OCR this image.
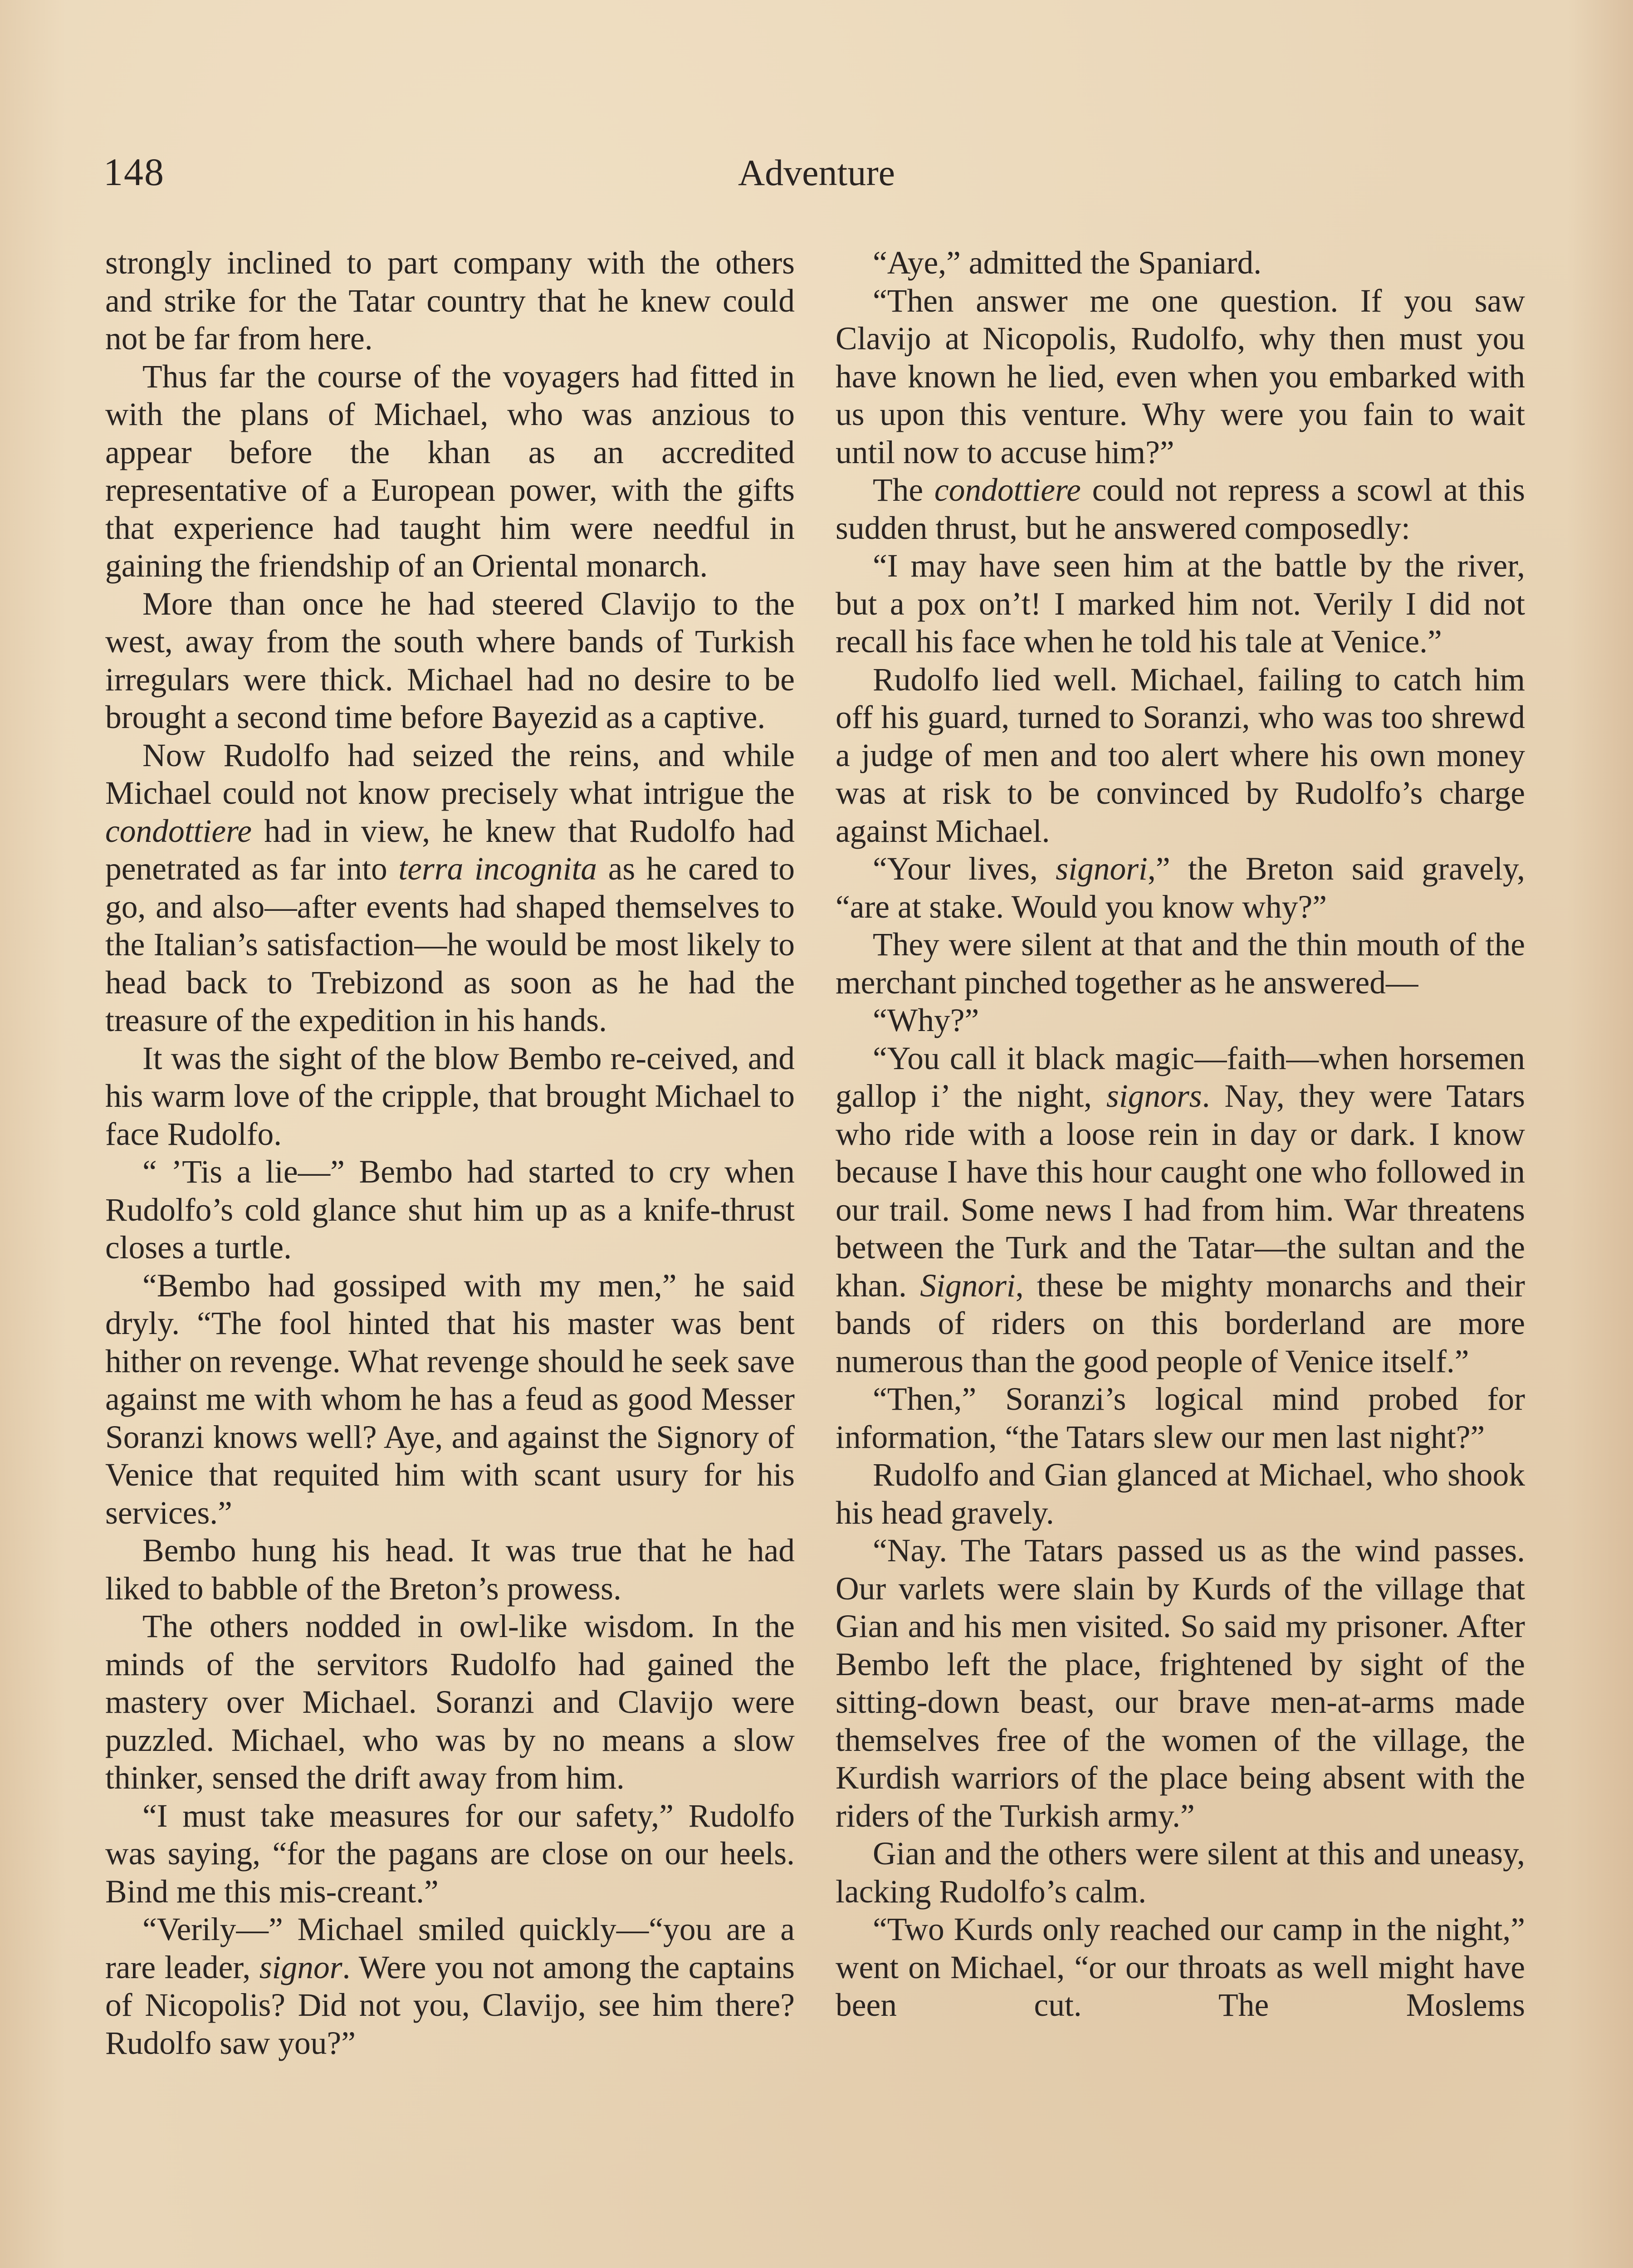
148	Adventure

strongly inclined to part company with the others and strike for the Tatar country that he knew could not be far from here.

Thus far the course of the voyagers had fitted in with the plans of Michael, who was anzious to appear before the khan as an accredited representative of a European power, with the gifts that experience had taught him were needful in gaining the friendship of an Oriental monarch.

More than once he had steered Clavijo to the west, away from the south where bands of Turkish irregulars were thick. Michael had no desire to be brought a second time before Bayezid as a captive.

Now Rudolfo had seized the reins, and while Michael could not know precisely what intrigue the condottiere had in view, he knew that Rudolfo had penetrated as far into terra incognita as he cared to go, and also—after events had shaped themselves to the Italian’s satisfaction—he would be most likely to head back to Trebizond as soon as he had the treasure of the expedition in his hands.

It was the sight of the blow Bembo re-ceived, and his warm love of the cripple, that brought Michael to face Rudolfo.

“ ’Tis a lie—” Bembo had started to cry when Rudolfo’s cold glance shut him up as a knife-thrust closes a turtle.

“Bembo had gossiped with my men,” he said dryly. “The fool hinted that his master was bent hither on revenge. What revenge should he seek save against me with whom he has a feud as good Messer Soranzi knows well? Aye, and against the Signory of Venice that requited him with scant usury for his services.”

Bembo hung his head. It was true that he had liked to babble of the Breton’s prowess.

The others nodded in owl-like wisdom. In the minds of the servitors Rudolfo had gained the mastery over Michael. Soranzi and Clavijo were puzzled. Michael, who was by no means a slow thinker, sensed the drift away from him.

“I must take measures for our safety,” Rudolfo was saying, “for the pagans are close on our heels. Bind me this mis-creant.”

“Verily—” Michael smiled quickly—“you are a rare leader, signor. Were you not among the captains of Nicopolis? Did not you, Clavijo, see him there? Rudolfo saw you?”

“Aye,” admitted the Spaniard.

“Then answer me one question. If you saw Clavijo at Nicopolis, Rudolfo, why then must you have known he lied, even when you embarked with us upon this venture. Why were you fain to wait until now to accuse him?”

The condottiere could not repress a scowl at this sudden thrust, but he answered composedly:

“I may have seen him at the battle by the river, but a pox on’t! I marked him not. Verily I did not recall his face when he told his tale at Venice.”

Rudolfo lied well. Michael, failing to catch him off his guard, turned to Soranzi, who was too shrewd a judge of men and too alert where his own money was at risk to be convinced by Rudolfo’s charge against Michael.

“Your lives, signori,” the Breton said gravely, “are at stake. Would you know why?”

They were silent at that and the thin mouth of the merchant pinched together as he answered—

“Why?”

“You call it black magic—faith—when horsemen gallop i’ the night, signors. Nay, they were Tatars who ride with a loose rein in day or dark. I know because I have this hour caught one who followed in our trail. Some news I had from him. War threatens between the Turk and the Tatar—the sultan and the khan. Signori, these be mighty monarchs and their bands of riders on this borderland are more numerous than the good people of Venice itself.”

“Then,” Soranzi’s logical mind probed for information, “the Tatars slew our men last night?”

Rudolfo and Gian glanced at Michael, who shook his head gravely.

“Nay. The Tatars passed us as the wind passes. Our varlets were slain by Kurds of the village that Gian and his men visited. So said my prisoner. After Bembo left the place, frightened by sight of the sitting-down beast, our brave men-at-arms made themselves free of the women of the village, the Kurdish warriors of the place being absent with the riders of the Turkish army.”

Gian and the others were silent at this and uneasy, lacking Rudolfo’s calm.

“Two Kurds only reached our camp in the night,” went on Michael, “or our throats as well might have been cut. The Moslems
